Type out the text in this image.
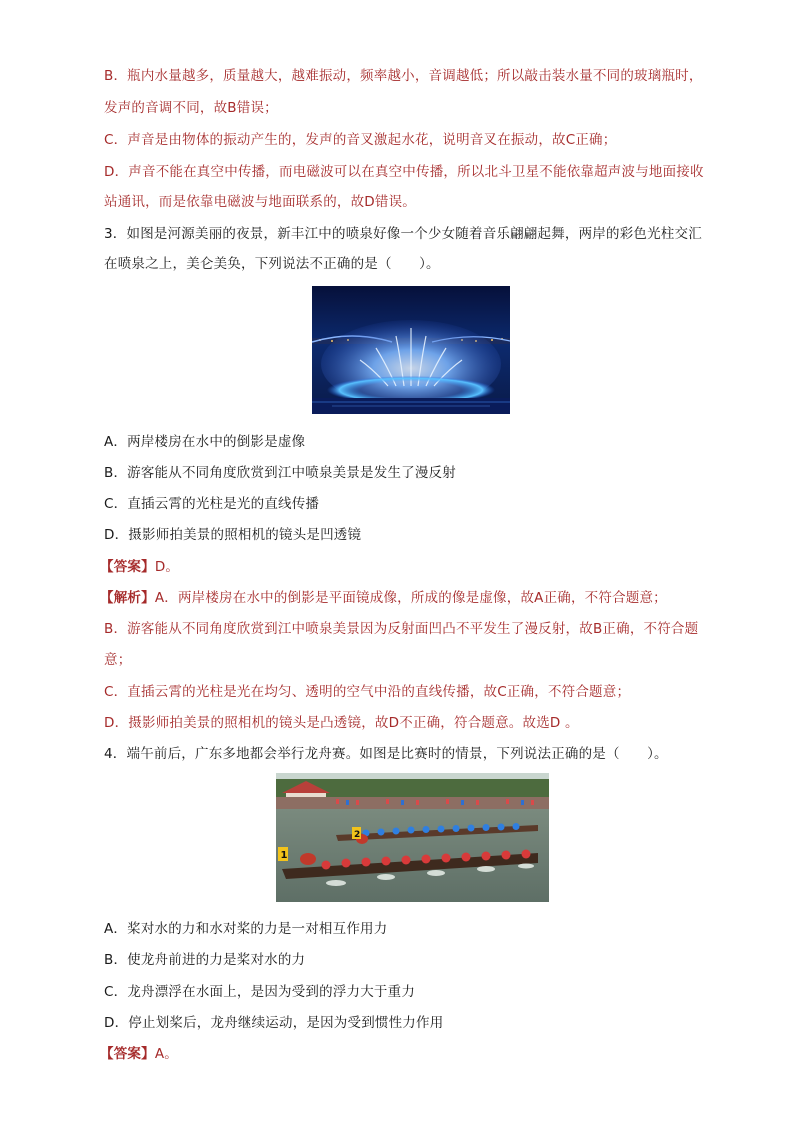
B．瓶内水量越多，质量越大，越难振动，频率越小，音调越低；所以敲击装水量不同的玻璃瓶时，
发声的音调不同，故B错误；
C．声音是由物体的振动产生的，发声的音叉激起水花，说明音叉在振动，故C正确；
D．声音不能在真空中传播，而电磁波可以在真空中传播，所以北斗卫星不能依靠超声波与地面接收
站通讯，而是依靠电磁波与地面联系的，故D错误。
3．如图是河源美丽的夜景，新丰江中的喷泉好像一个少女随着音乐翩翩起舞，两岸的彩色光柱交汇
在喷泉之上，美仑美奂，下列说法不正确的是（　　）。
A．两岸楼房在水中的倒影是虚像
B．游客能从不同角度欣赏到江中喷泉美景是发生了漫反射
C．直插云霄的光柱是光的直线传播
D．摄影师拍美景的照相机的镜头是凹透镜
【答案】D。
【解析】A．两岸楼房在水中的倒影是平面镜成像，所成的像是虚像，故A正确，不符合题意；
B．游客能从不同角度欣赏到江中喷泉美景因为反射面凹凸不平发生了漫反射，故B正确，不符合题
意；
C．直插云霄的光柱是光在均匀、透明的空气中沿的直线传播，故C正确，不符合题意；
D．摄影师拍美景的照相机的镜头是凸透镜，故D不正确，符合题意。故选D 。
4．端午前后，广东多地都会举行龙舟赛。如图是比赛时的情景，下列说法正确的是（　　）。
1
2
A．桨对水的力和水对桨的力是一对相互作用力
B．使龙舟前进的力是桨对水的力
C．龙舟漂浮在水面上，是因为受到的浮力大于重力
D．停止划桨后，龙舟继续运动，是因为受到惯性力作用
【答案】A。
